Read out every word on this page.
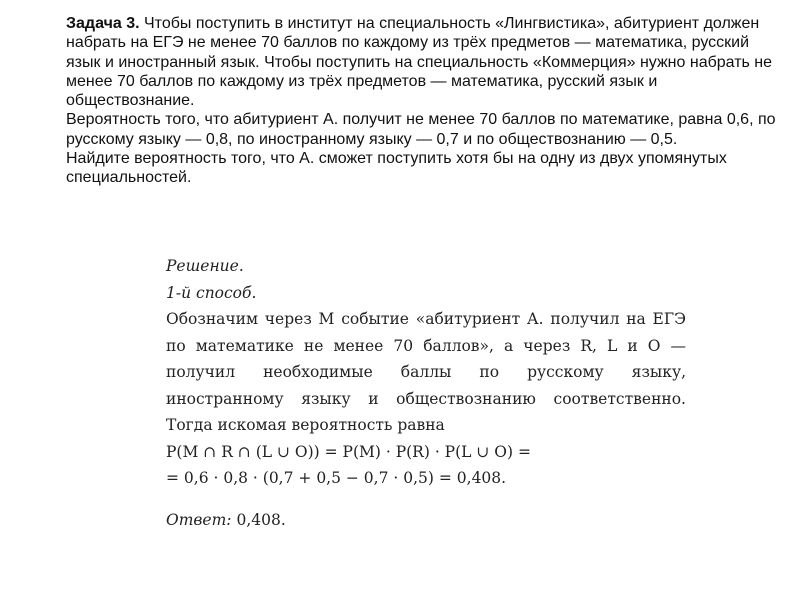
Задача 3. Чтобы поступить в институт на специальность «Лингвистика», абитуриент должен набрать на ЕГЭ не менее 70 баллов по каждому из трёх предметов — математика, русский язык и иностранный язык. Чтобы поступить на специальность «Коммерция» нужно набрать не менее 70 баллов по каждому из трёх предметов — математика, русский язык и обществознание.

Вероятность того, что абитуриент А. получит не менее 70 баллов по математике, равна 0,6, по русскому языку — 0,8, по иностранному языку — 0,7 и по обществознанию — 0,5.

Найдите вероятность того, что А. сможет поступить хотя бы на одну из двух упомянутых специальностей.

Решение.
1-й способ.
Обозначим через M событие «абитуриент А. получил на ЕГЭ по математике не менее 70 баллов», а через R, L и O — получил необходимые баллы по русскому языку, иностранному языку и обществознанию соответственно. Тогда искомая вероятность равна
P(M ∩ R ∩ (L ∪ O)) = P(M) · P(R) · P(L ∪ O) =
= 0,6 · 0,8 · (0,7 + 0,5 − 0,7 · 0,5) = 0,408.
Ответ: 0,408.
